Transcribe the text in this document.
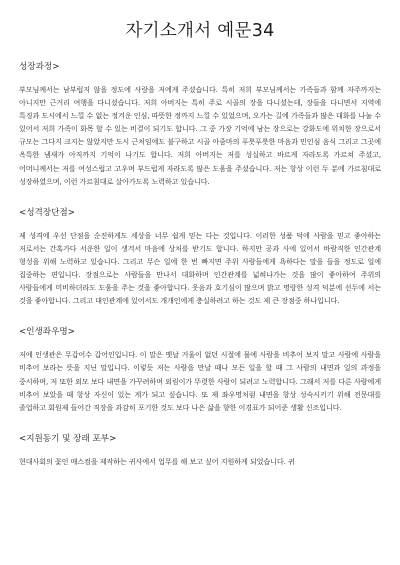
자기소개서 예문34
성장과정>
부모님께서는 남부럽지 않을 정도에 사랑을 저에게 주셨습니다. 특히 저희 부모님께서는 가족들과 함께 자주까지는 아니지만 근거리 여행을 다니셨습니다. 저희 아버지는 특히 주로 시골의 장을 다니셨는데, 장들을 다니면서 지역에 특징과 도시에서 느낄 수 없는 정겨운 인심, 따뜻한 정까지 느낄 수 있었으며, 오가는 길에 가족들과 많은 대화를 나눌 수 있어서 저희 가족이 화목 할 수 있는 비결이 되기도 합니다. 그 중 가장 기억에 남는 장으로는 강화도에 위치한 장으로서 규모는 그다지 크지는 않았지만 도시 근처임에도 불구하고 시골 아줌마의 푸릇푸릇한 마음과 민인심 음식 그리고 그곳에 옥특한 냄새가 아직까지 기억이 나기도 합니다. 저희 아버지는 저를 성실하고 바르게 자라도록 가르쳐 주셨고, 어머니께서는 저를 여성스럽고 고우며 부드럽게 자라도록 많은 도움을 주셨습니다. 저는 항상 이런 두 분에 가르침대로 성장하였으며, 이런 가르침대로 살아가도록 노력하고 있습니다.
<성격장단점>
제 성격에 우선 단점을 순진하게도 세상을 너무 쉽게 믿는 다는 것입니다. 이러한 성품 덕에 사람을 믿고 좋아하는 저로서는 간혹가다 서운한 일이 생겨서 마음에 상처를 받기도 합니다. 하지만 공과 사에 있어서 바람직한 인간관계 형성을 위해 노력하고 있습니다. 그리고 무슨 일에 한 번 빠지면 주위 사람들에게 욕하다는 말을 들을 정도로 일에 집중하는 편입니다. 장점으로는 사람들을 만나서 대화하며 인간관계를 넓혀나가는 것을 많이 좋아하여 주위의 사람들에게 미비하더라도 도움을 주는 것을 좋아합니다. 웃음과 호기심이 많으며 밝고 명랑한 성격 덕분에 선두에 서는 것을 좋아합니다. 그리고 대인관계에 있어서도 개개인에게 충실하려고 하는 것도 제 큰 장점중 하나입니다.
<인생좌우명>
저에 인생관은 무갑어수 갑어인입니다. 이 말은 옛날 거울이 없던 시절에 물에 사람을 비추어 보지 말고 사람에 사람을 비추어 보라는 뜻을 지닌 말입니다. 이렇듯 저는 사람을 만날 때나 모든 일을 할 때 그 사람의 내면과 일의 과정을 중시하며, 저 또한 외모 보다 내면을 가꾸려하며 외림이가 뚜렷한 사람이 되려고 노력합니다. 그래서 저를 다른 사람에게 비추어 보았을 때 항상 자신이 있는 게가 되고 싶습니다. 또 제 좌우명처럼 내면을 항상 성숙시키기 위해 전문대를 졸업하고 회원제 들어간 직장을 과감히 포기한 것도 보다 나은 삶을 향한 이경표가 되어준 생활 신조입니다.
<지원동기 및 장래 포부>
현대사회의 꽃인 매스컴을 제작하는 귀사에서 업무를 해 보고 싶어 지원하게 되었습니다. 귀
